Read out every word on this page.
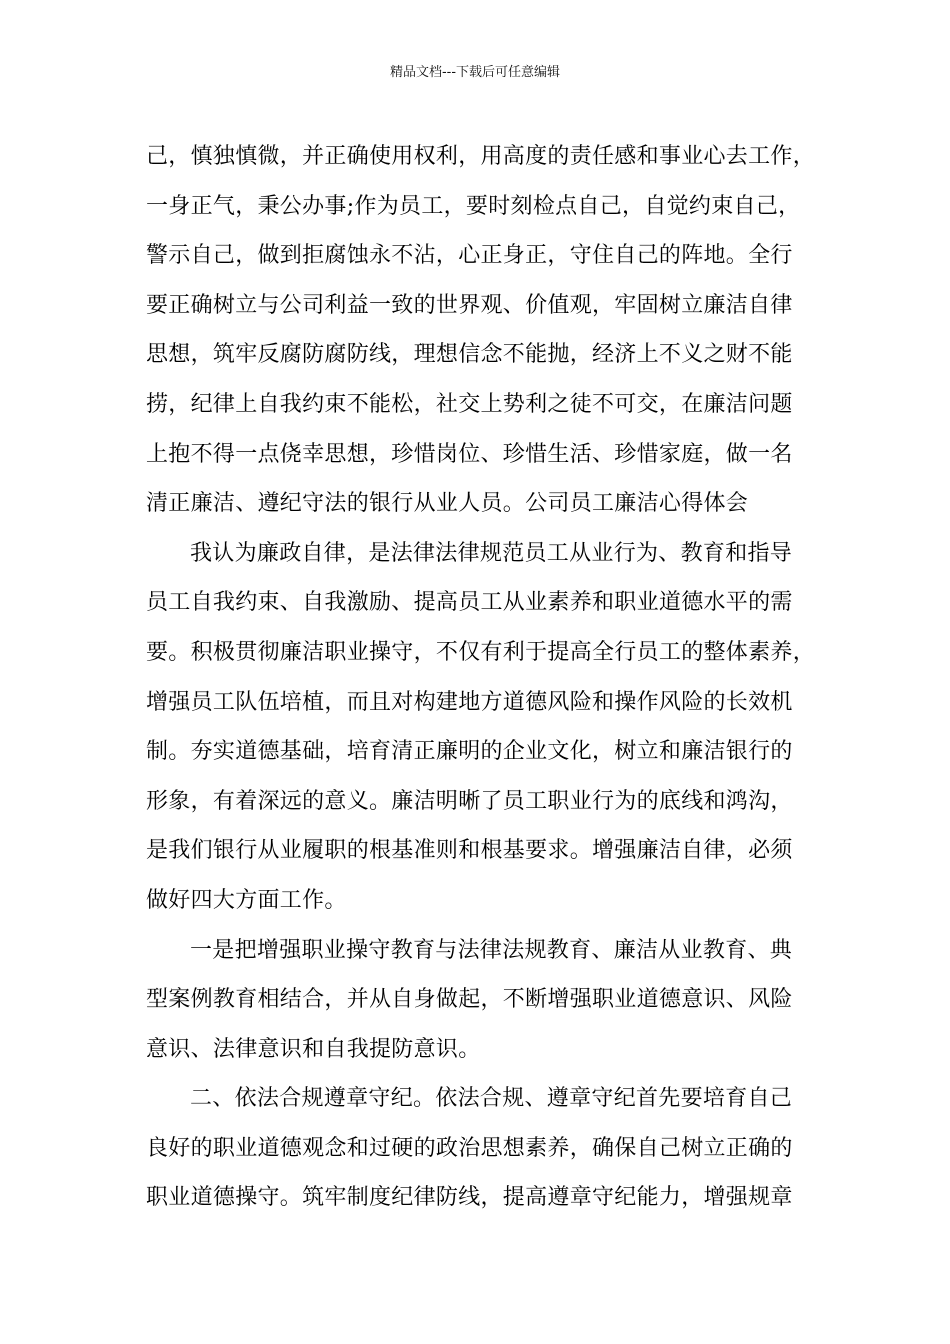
精品文档---下载后可任意编辑
己，慎独慎微，并正确使用权利，用高度的责任感和事业心去工作，
一身正气，秉公办事;作为员工，要时刻检点自己，自觉约束自己，
警示自己，做到拒腐蚀永不沾，心正身正，守住自己的阵地。全行
要正确树立与公司利益一致的世界观、价值观，牢固树立廉洁自律
思想，筑牢反腐防腐防线，理想信念不能抛，经济上不义之财不能
捞，纪律上自我约束不能松，社交上势利之徒不可交，在廉洁问题
上抱不得一点侥幸思想，珍惜岗位、珍惜生活、珍惜家庭，做一名
清正廉洁、遵纪守法的银行从业人员。公司员工廉洁心得体会
我认为廉政自律，是法律法律规范员工从业行为、教育和指导
员工自我约束、自我激励、提高员工从业素养和职业道德水平的需
要。积极贯彻廉洁职业操守，不仅有利于提高全行员工的整体素养，
增强员工队伍培植，而且对构建地方道德风险和操作风险的长效机
制。夯实道德基础，培育清正廉明的企业文化，树立和廉洁银行的
形象，有着深远的意义。廉洁明晰了员工职业行为的底线和鸿沟，
是我们银行从业履职的根基准则和根基要求。增强廉洁自律，必须
做好四大方面工作。
一是把增强职业操守教育与法律法规教育、廉洁从业教育、典
型案例教育相结合，并从自身做起，不断增强职业道德意识、风险
意识、法律意识和自我提防意识。
二、依法合规遵章守纪。依法合规、遵章守纪首先要培育自己
良好的职业道德观念和过硬的政治思想素养，确保自己树立正确的
职业道德操守。筑牢制度纪律防线，提高遵章守纪能力，增强规章
